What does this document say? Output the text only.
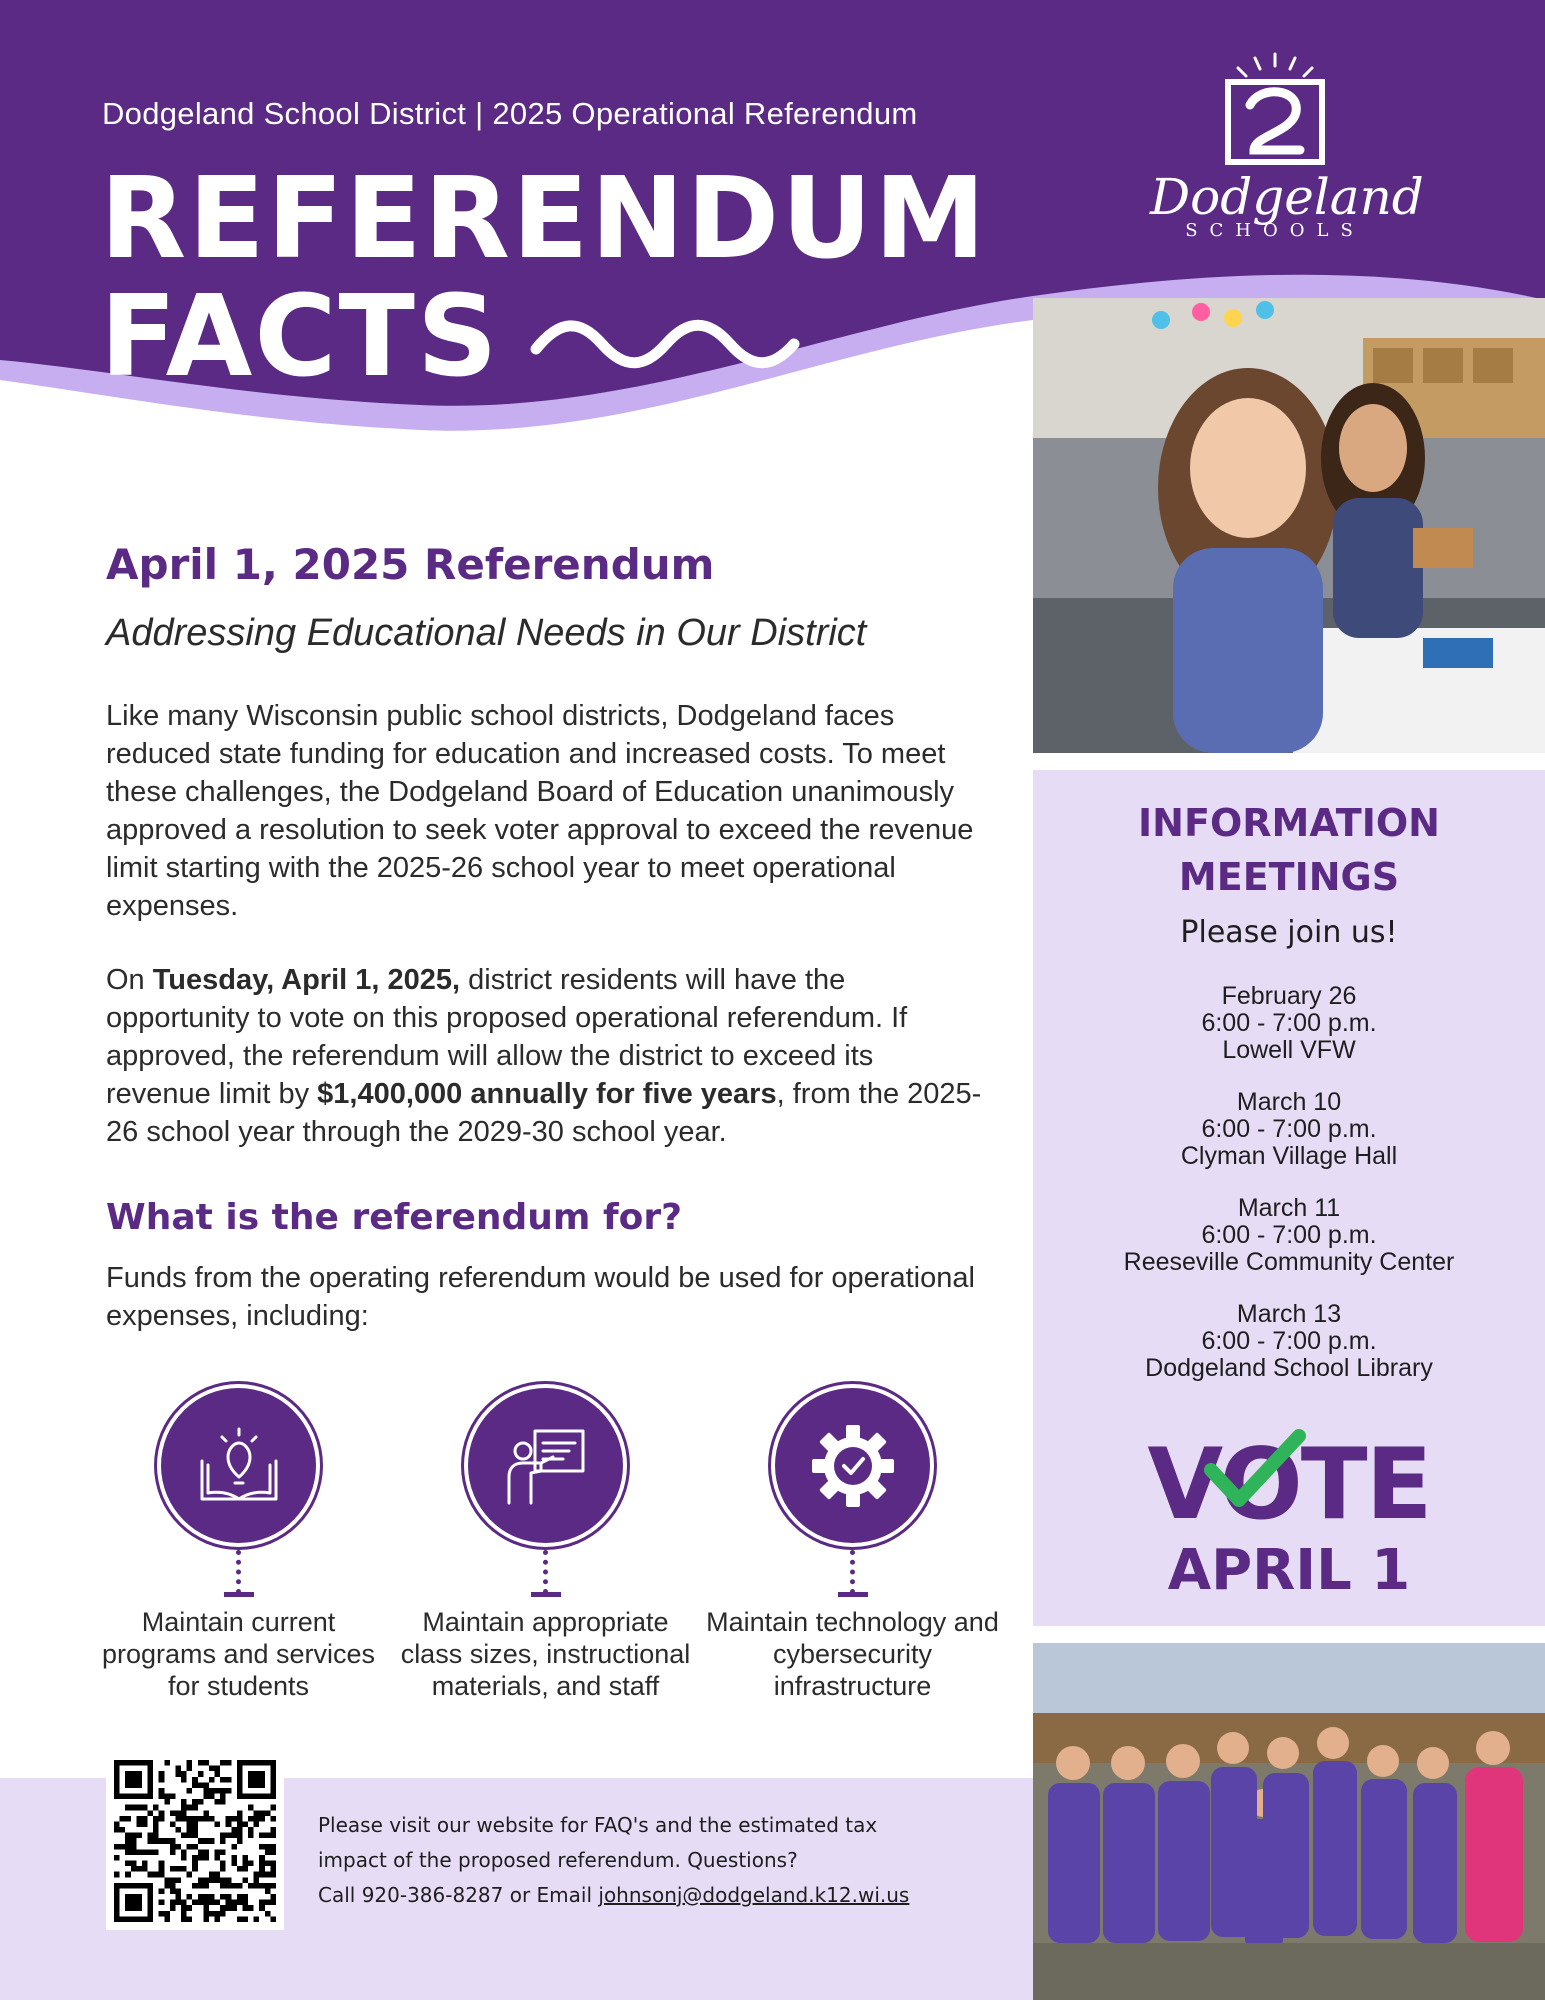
Dodgeland School District | 2025 Operational Referendum
REFERENDUM
FACTS
Dodgeland
SCHOOLS
April 1, 2025 Referendum
Addressing Educational Needs in Our District
Like many Wisconsin public school districts, Dodgeland faces reduced state funding for education and increased costs. To meet these challenges, the Dodgeland Board of Education unanimously approved a resolution to seek voter approval to exceed the revenue limit starting with the 2025-26 school year to meet operational expenses.
On Tuesday, April 1, 2025, district residents will have the opportunity to vote on this proposed operational referendum. If approved, the referendum will allow the district to exceed its revenue limit by $1,400,000 annually for five years, from the 2025-26 school year through the 2029-30 school year.
What is the referendum for?
Funds from the operating referendum would be used for operational expenses, including:
Maintain current programs and services for students
Maintain appropriate class sizes, instructional materials, and staff
Maintain technology and cybersecurity infrastructure
Please visit our website for FAQ's and the estimated tax
impact of the proposed referendum. Questions?
Call 920-386-8287 or Email johnsonj@dodgeland.k12.wi.us
INFORMATION
MEETINGS
Please join us!
February 26
6:00 - 7:00 p.m.
Lowell VFW
March 10
6:00 - 7:00 p.m.
Clyman Village Hall
March 11
6:00 - 7:00 p.m.
Reeseville Community Center
March 13
6:00 - 7:00 p.m.
Dodgeland School Library
VOTE
APRIL 1
